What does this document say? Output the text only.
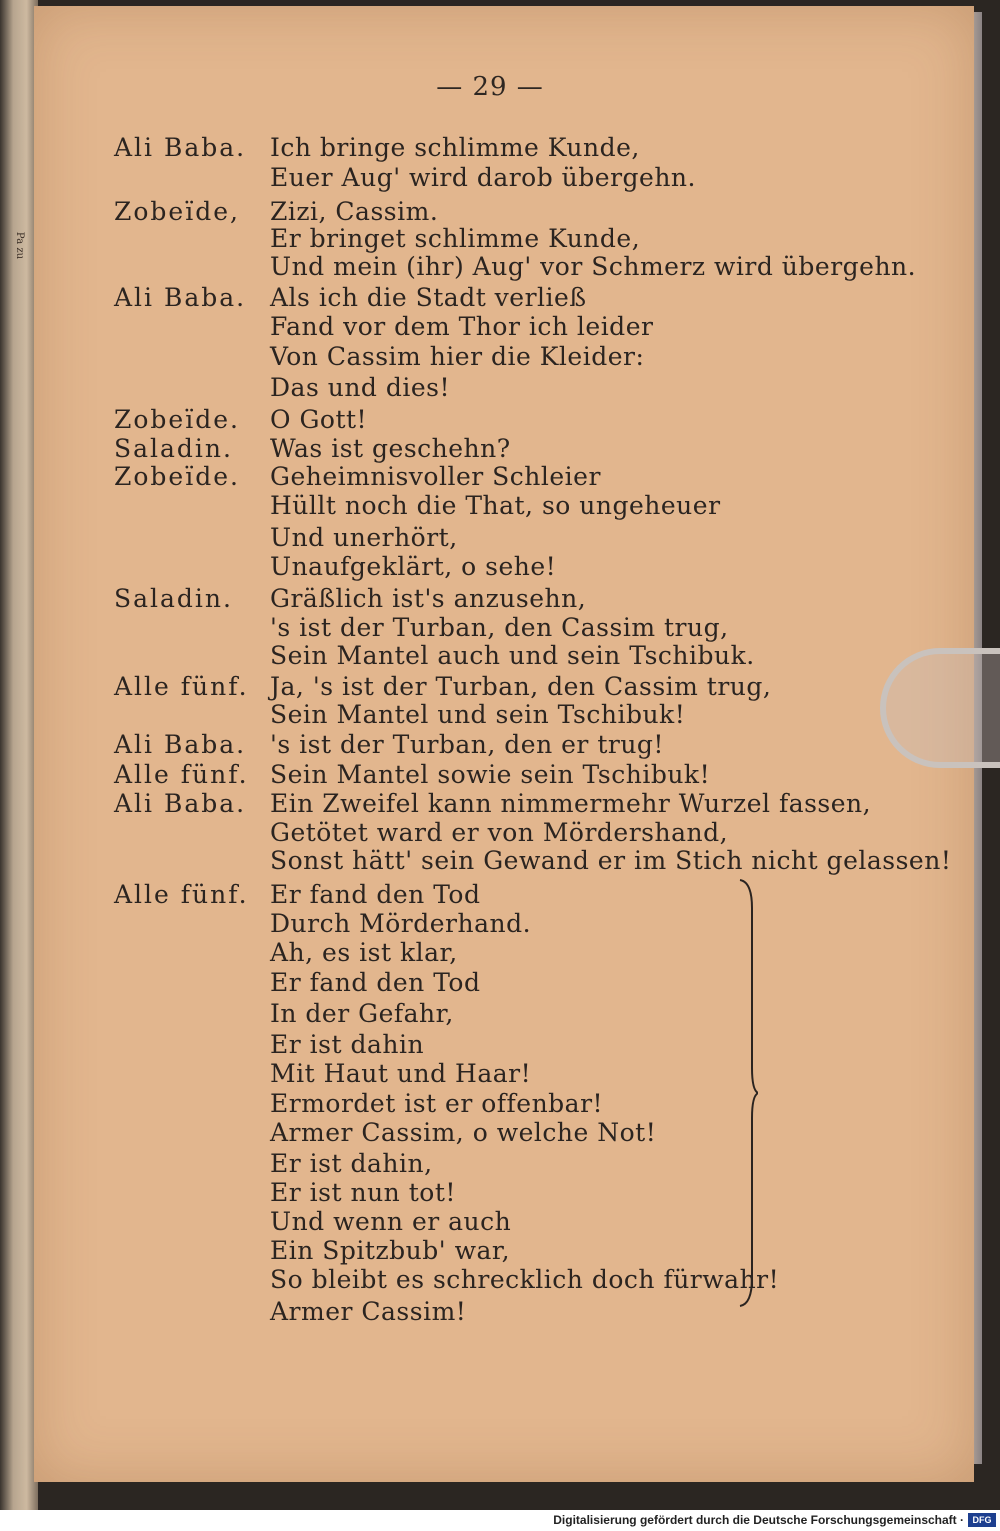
Pa zu
— 29 —
Ali Baba. Ich bringe schlimme Kunde,
Euer Aug' wird darob übergehn.
Zobeïde, Zizi, Cassim.
Er bringet schlimme Kunde,
Und mein (ihr) Aug' vor Schmerz wird übergehn.
Ali Baba. Als ich die Stadt verließ
Fand vor dem Thor ich leider
Von Cassim hier die Kleider:
Das und dies!
Zobeïde. O Gott!
Saladin. Was ist geschehn?
Zobeïde. Geheimnisvoller Schleier
Hüllt noch die That, so ungeheuer
Und unerhört,
Unaufgeklärt, o sehe!
Saladin. Gräßlich ist's anzusehn,
's ist der Turban, den Cassim trug,
Sein Mantel auch und sein Tschibuk.
Alle fünf. Ja, 's ist der Turban, den Cassim trug,
Sein Mantel und sein Tschibuk!
Ali Baba. 's ist der Turban, den er trug!
Alle fünf. Sein Mantel sowie sein Tschibuk!
Ali Baba. Ein Zweifel kann nimmermehr Wurzel fassen,
Getötet ward er von Mördershand,
Sonst hätt' sein Gewand er im Stich nicht gelassen!
Alle fünf. Er fand den Tod
Durch Mörderhand.
Ah, es ist klar,
Er fand den Tod
In der Gefahr,
Er ist dahin
Mit Haut und Haar!
Ermordet ist er offenbar!
Armer Cassim, o welche Not!
Er ist dahin,
Er ist nun tot!
Und wenn er auch
Ein Spitzbub' war,
So bleibt es schrecklich doch fürwahr!
Armer Cassim!
Digitalisierung gefördert durch die Deutsche Forschungsgemeinschaft · DFG
